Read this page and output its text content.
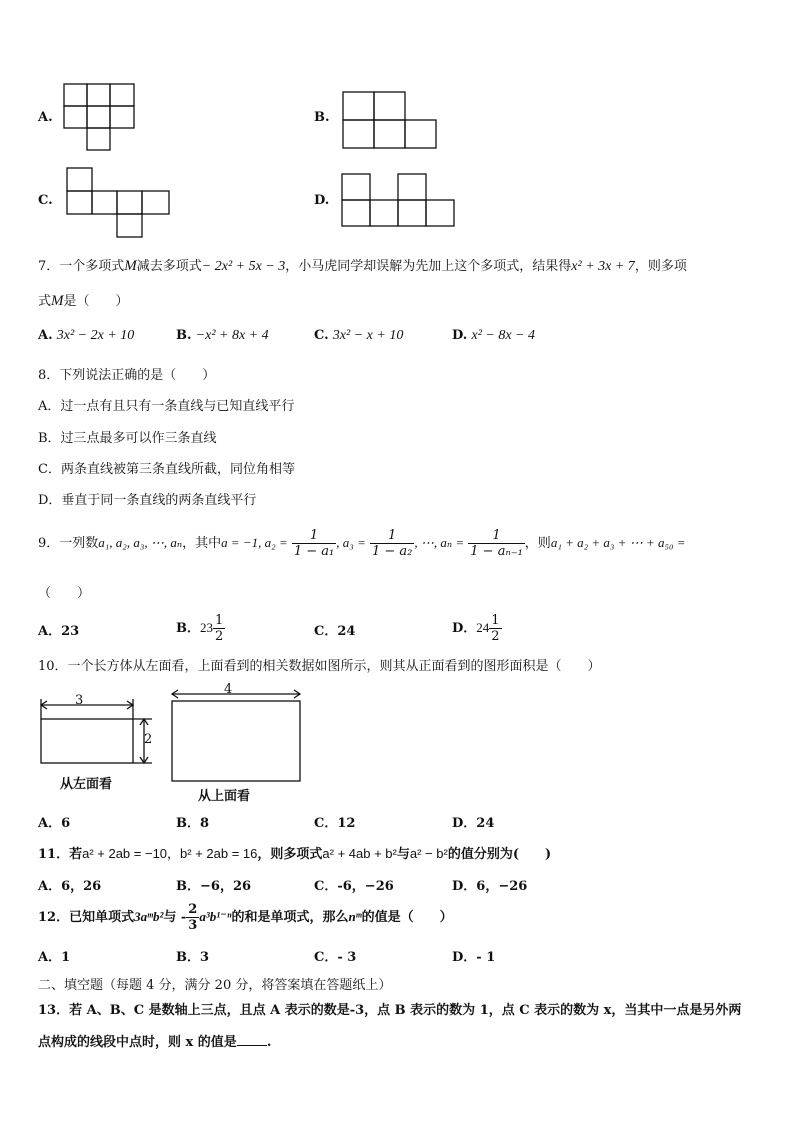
A.	B.
C.	D.
7．一个多项式M减去多项式− 2x² + 5x − 3，小马虎同学却误解为先加上这个多项式，结果得x² + 3x + 7，则多项
式M是（　　）
A. 3x² − 2x + 10	B. −x² + 8x + 4	C. 3x² − x + 10	D. x² − 8x − 4
8．下列说法正确的是（　　）
A．过一点有且只有一条直线与已知直线平行
B．过三点最多可以作三条直线
C．两条直线被第三条直线所截，同位角相等
D．垂直于同一条直线的两条直线平行
9．一列数a₁, a₂, a₃, ⋯, aₙ，其中a = −1, $a_2 = \frac{1}{\text{1 − a₁}}$ , $a_3 = \frac{1}{\text{1 − a₂}}$ , ⋯, $a_n = \frac{1}{\text{1 − aₙ₋₁}}$ ，则a₁ + a₂ + a₃ + ⋯ + a₅₀ =
（　　）
A．23	B．$23 \frac{1}{2}$	C．24	D．$24 \frac{1}{2}$
10．一个长方体从左面看，上面看到的相关数据如图所示，则其从正面看到的图形面积是（　　）
3
2
从左面看
4
从上面看
A．6	B．8	C．12	D．24
11．若a² + 2ab = −10，b² + 2ab = 16，则多项式a² + 4ab + b²与a² − b²的值分别为(　　)
A．6，26	B．−6，26	C．-6，−26	D．6，−26
12．已知单项式3aᵐb²与 - $\frac{2}{3} a^3b^{1-n}$的和是单项式，那么nᵐ的值是（　　）
A．1	B．3	C．- 3	D．- 1
二、填空题（每题 4 分，满分 20 分，将答案填在答题纸上）
13．若 A、B、C 是数轴上三点，且点 A 表示的数是-3，点 B 表示的数为 1，点 C 表示的数为 x，当其中一点是另外两
点构成的线段中点时，则 x 的值是 .
